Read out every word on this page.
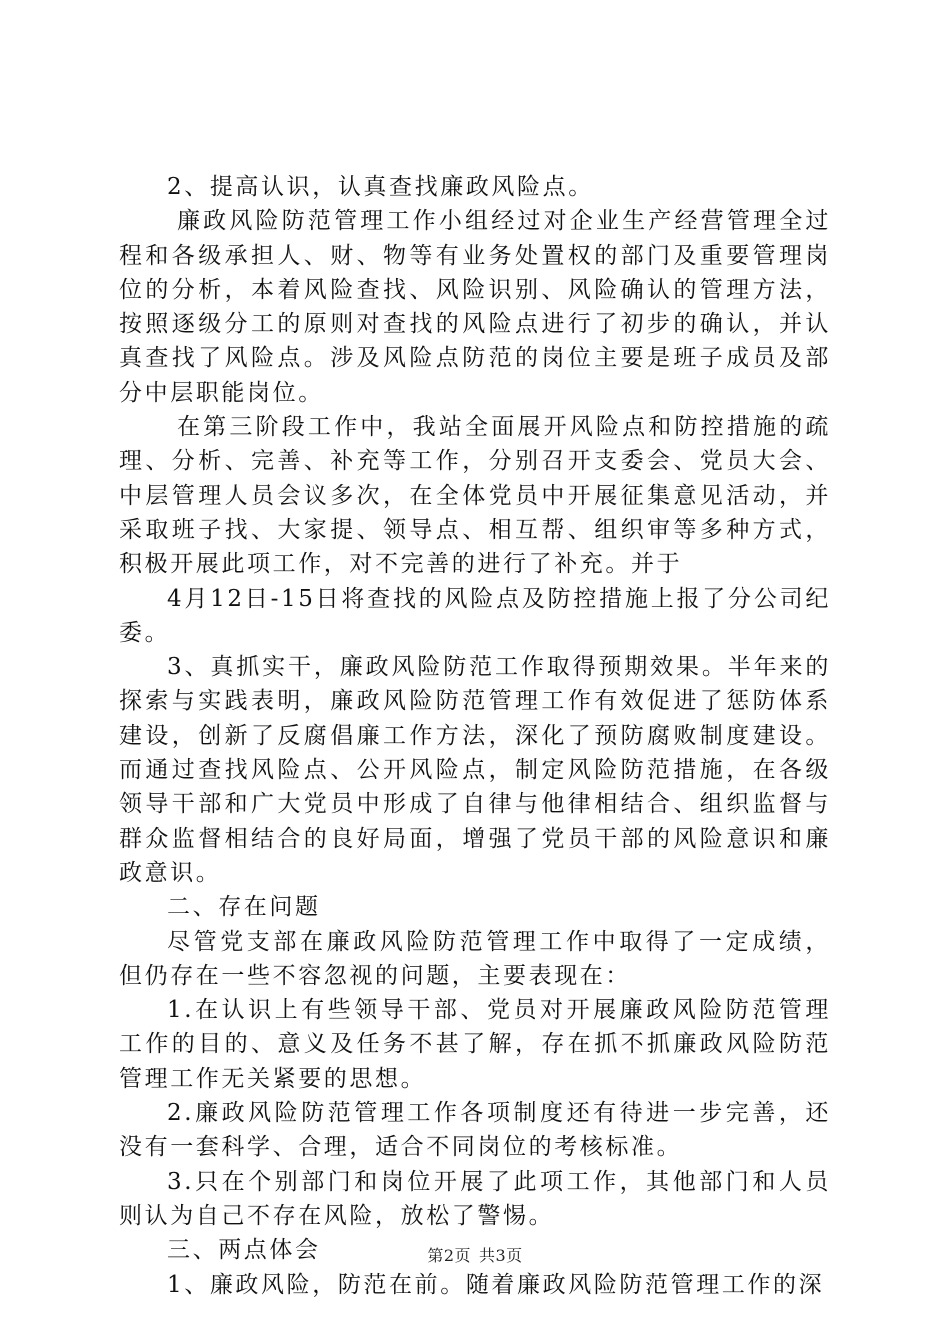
2、提高认识，认真查找廉政风险点。

廉政风险防范管理工作小组经过对企业生产经营管理全过程和各级承担人、财、物等有业务处置权的部门及重要管理岗位的分析，本着风险查找、风险识别、风险确认的管理方法，按照逐级分工的原则对查找的风险点进行了初步的确认，并认真查找了风险点。涉及风险点防范的岗位主要是班子成员及部分中层职能岗位。

在第三阶段工作中，我站全面展开风险点和防控措施的疏理、分析、完善、补充等工作，分别召开支委会、党员大会、中层管理人员会议多次，在全体党员中开展征集意见活动，并采取班子找、大家提、领导点、相互帮、组织审等多种方式，积极开展此项工作，对不完善的进行了补充。并于

4月12日-15日将查找的风险点及防控措施上报了分公司纪委。

3、真抓实干，廉政风险防范工作取得预期效果。半年来的探索与实践表明，廉政风险防范管理工作有效促进了惩防体系建设，创新了反腐倡廉工作方法，深化了预防腐败制度建设。而通过查找风险点、公开风险点，制定风险防范措施，在各级领导干部和广大党员中形成了自律与他律相结合、组织监督与群众监督相结合的良好局面，增强了党员干部的风险意识和廉政意识。

二、存在问题

尽管党支部在廉政风险防范管理工作中取得了一定成绩，但仍存在一些不容忽视的问题，主要表现在：

1.在认识上有些领导干部、党员对开展廉政风险防范管理工作的目的、意义及任务不甚了解，存在抓不抓廉政风险防范管理工作无关紧要的思想。

2.廉政风险防范管理工作各项制度还有待进一步完善，还没有一套科学、合理，适合不同岗位的考核标准。

3.只在个别部门和岗位开展了此项工作，其他部门和人员则认为自己不存在风险，放松了警惕。

三、两点体会

1、廉政风险，防范在前。随着廉政风险防范管理工作的深

第2页 共3页
